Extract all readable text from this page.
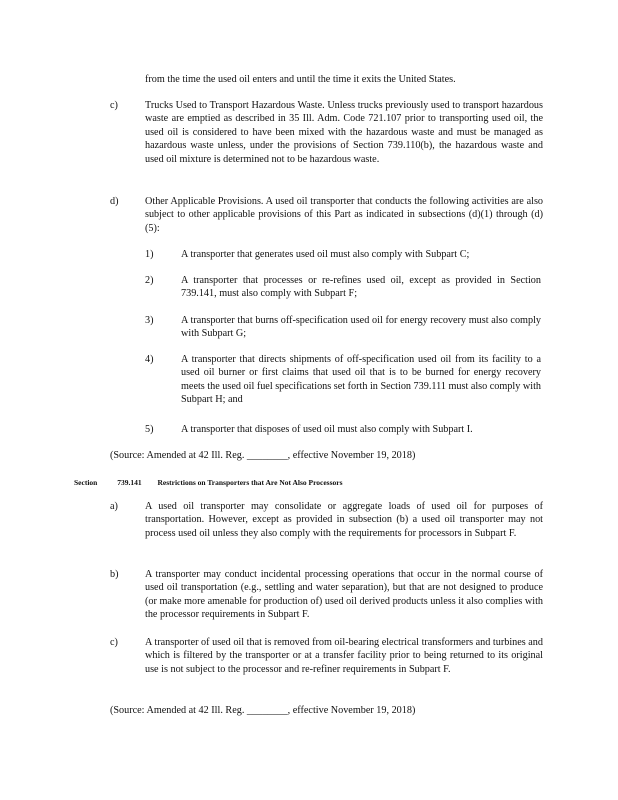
from the time the used oil enters and until the time it exits the United States.
c)	Trucks Used to Transport Hazardous Waste. Unless trucks previously used to transport hazardous waste are emptied as described in 35 Ill. Adm. Code 721.107 prior to transporting used oil, the used oil is considered to have been mixed with the hazardous waste and must be managed as hazardous waste unless, under the provisions of Section 739.110(b), the hazardous waste and used oil mixture is determined not to be hazardous waste.
d)	Other Applicable Provisions. A used oil transporter that conducts the following activities are also subject to other applicable provisions of this Part as indicated in subsections (d)(1) through (d)(5):
1)	A transporter that generates used oil must also comply with Subpart C;
2)	A transporter that processes or re-refines used oil, except as provided in Section 739.141, must also comply with Subpart F;
3)	A transporter that burns off-specification used oil for energy recovery must also comply with Subpart G;
4)	A transporter that directs shipments of off-specification used oil from its facility to a used oil burner or first claims that used oil that is to be burned for energy recovery meets the used oil fuel specifications set forth in Section 739.111 must also comply with Subpart H; and
5)	A transporter that disposes of used oil must also comply with Subpart I.
(Source: Amended at 42 Ill. Reg. ________, effective November 19, 2018)
Section	739.141 Restrictions on Transporters that Are Not Also Processors
a)	A used oil transporter may consolidate or aggregate loads of used oil for purposes of transportation. However, except as provided in subsection (b) a used oil transporter may not process used oil unless they also comply with the requirements for processors in Subpart F.
b)	A transporter may conduct incidental processing operations that occur in the normal course of used oil transportation (e.g., settling and water separation), but that are not designed to produce (or make more amenable for production of) used oil derived products unless it also complies with the processor requirements in Subpart F.
c)	A transporter of used oil that is removed from oil-bearing electrical transformers and turbines and which is filtered by the transporter or at a transfer facility prior to being returned to its original use is not subject to the processor and re-refiner requirements in Subpart F.
(Source: Amended at 42 Ill. Reg. ________, effective November 19, 2018)
